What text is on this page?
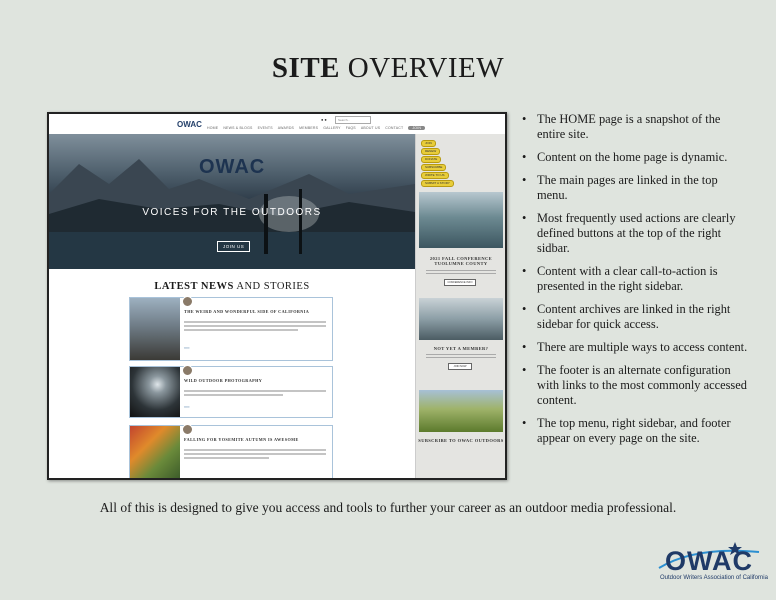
SITE OVERVIEW
OWAC
● ●	Search...
HOME NEWS & BLOGS EVENTS AWARDS MEMBERS GALLERY FAQS ABOUT US CONTACT	JOIN
OWAC
VOICES FOR THE OUTDOORS
JOIN US
LATEST NEWS AND STORIES
THE WEIRD AND WONDERFUL SIDE OF CALIFORNIA
━━━
WILD OUTDOOR PHOTOGRAPHY
━━━
FALLING FOR YOSEMITE AUTUMN IS AWESOME
JOIN
RENEW
DONATE
SUBSCRIBE
WRITE TO US
SUBMIT A STORY
2021 FALL CONFERENCE TUOLUMNE COUNTY
CONFERENCE INFO
NOT YET A MEMBER?
JOIN NOW
SUBSCRIBE TO OWAC OUTDOORS
• The HOME page is a snapshot of the entire site.
• Content on the home page is dynamic.
• The main pages are linked in the top menu.
• Most frequently used actions are clearly defined buttons at the top of the right sidbar.
• Content with a clear call-to-action is presented in the right sidebar.
• Content archives are linked in the right sidebar for quick access.
• There are multiple ways to access content.
• The footer is an alternate configuration with links to the most commonly accessed content.
• The top menu, right sidebar, and footer appear on every page on the site.
All of this is designed to give you access and tools to further your career as an outdoor media professional.
OWAC
Outdoor Writers Association of California
